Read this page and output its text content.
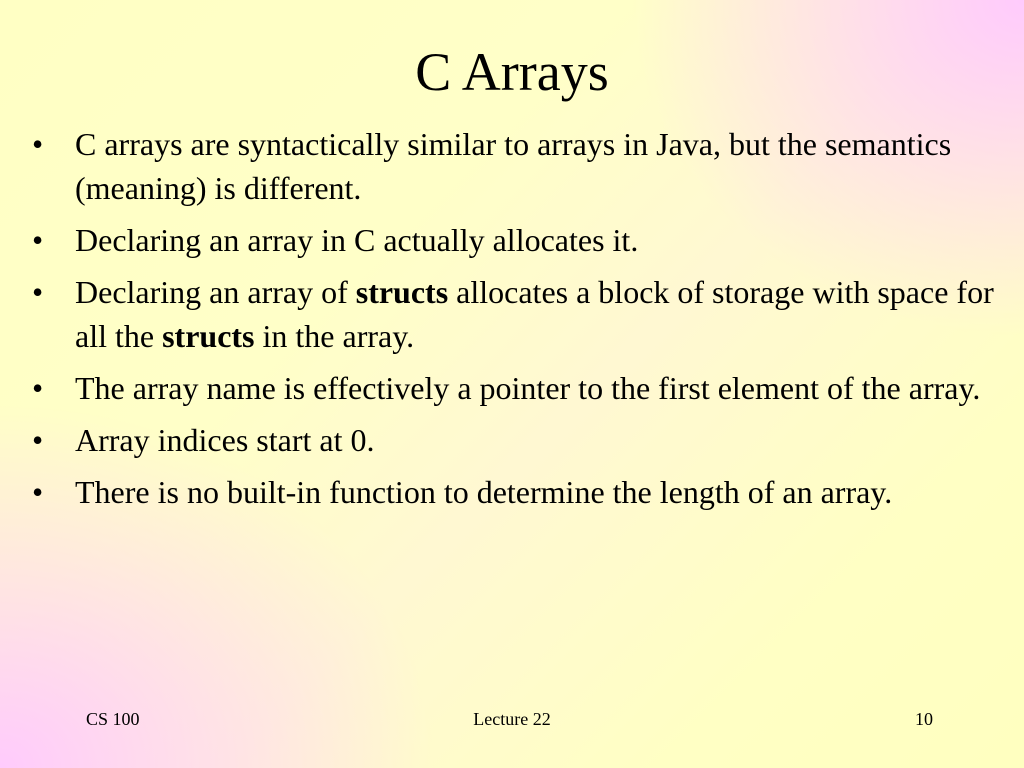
C Arrays
• C arrays are syntactically similar to arrays in Java, but the semantics (meaning) is different.
• Declaring an array in C actually allocates it.
• Declaring an array of structs allocates a block of storage with space for all the structs in the array.
• The array name is effectively a pointer to the first element of the array.
• Array indices start at 0.
• There is no built-in function to determine the length of an array.
CS 100	Lecture 22	10
